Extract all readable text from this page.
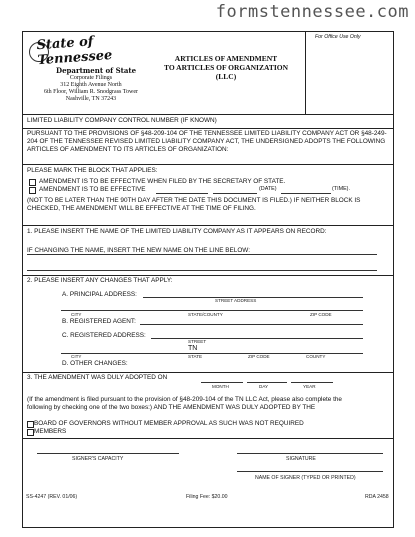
formstennessee.com
State of Tennessee
Department of State
Corporate Filings
312 Eighth Avenue North
6th Floor, William R. Snodgrass Tower
Nashville, TN 37243
ARTICLES OF AMENDMENT
TO ARTICLES OF ORGANIZATION
(LLC)
For Office Use Only
LIMITED LIABILITY COMPANY CONTROL NUMBER (IF KNOWN)
PURSUANT TO THE PROVISIONS OF §48-209-104 OF THE TENNESSEE LIMITED LIABILITY COMPANY ACT OR §48-249-204 OF THE TENNESSEE REVISED LIMITED LIABILITY COMPANY ACT, THE UNDERSIGNED ADOPTS THE FOLLOWING ARTICLES OF AMENDMENT TO ITS ARTICLES OF ORGANIZATION:
PLEASE MARK THE BLOCK THAT APPLIES:
AMENDMENT IS TO BE EFFECTIVE WHEN FILED BY THE SECRETARY OF STATE.
AMENDMENT IS TO BE EFFECTIVE	(DATE)	(TIME).
(NOT TO BE LATER THAN THE 90TH DAY AFTER THE DATE THIS DOCUMENT IS FILED.) IF NEITHER BLOCK IS CHECKED, THE AMENDMENT WILL BE EFFECTIVE AT THE TIME OF FILING.
1. PLEASE INSERT THE NAME OF THE LIMITED LIABILITY COMPANY AS IT APPEARS ON RECORD:
IF CHANGING THE NAME, INSERT THE NEW NAME ON THE LINE BELOW:
2. PLEASE INSERT ANY CHANGES THAT APPLY:
A. PRINCIPAL ADDRESS:
STREET ADDRESS
CITY	STATE/COUNTY	ZIP CODE
B. REGISTERED AGENT:
C. REGISTERED ADDRESS:
STREET
TN
CITY	STATE	ZIP CODE	COUNTY
D. OTHER CHANGES:
3. THE AMENDMENT WAS DULY ADOPTED ON
MONTH	DAY	YEAR
(If the amendment is filed pursuant to the provision of §48-209-104 of the TN LLC Act, please also complete the following by checking one of the two boxes:) AND THE AMENDMENT WAS DULY ADOPTED BY THE
BOARD OF GOVERNORS WITHOUT MEMBER APPROVAL AS SUCH WAS NOT REQUIRED
MEMBERS
SIGNER'S CAPACITY	SIGNATURE
NAME OF SIGNER (TYPED OR PRINTED)
SS-4247 (REV. 01/06)	Filing Fee: $20.00	RDA 2458
